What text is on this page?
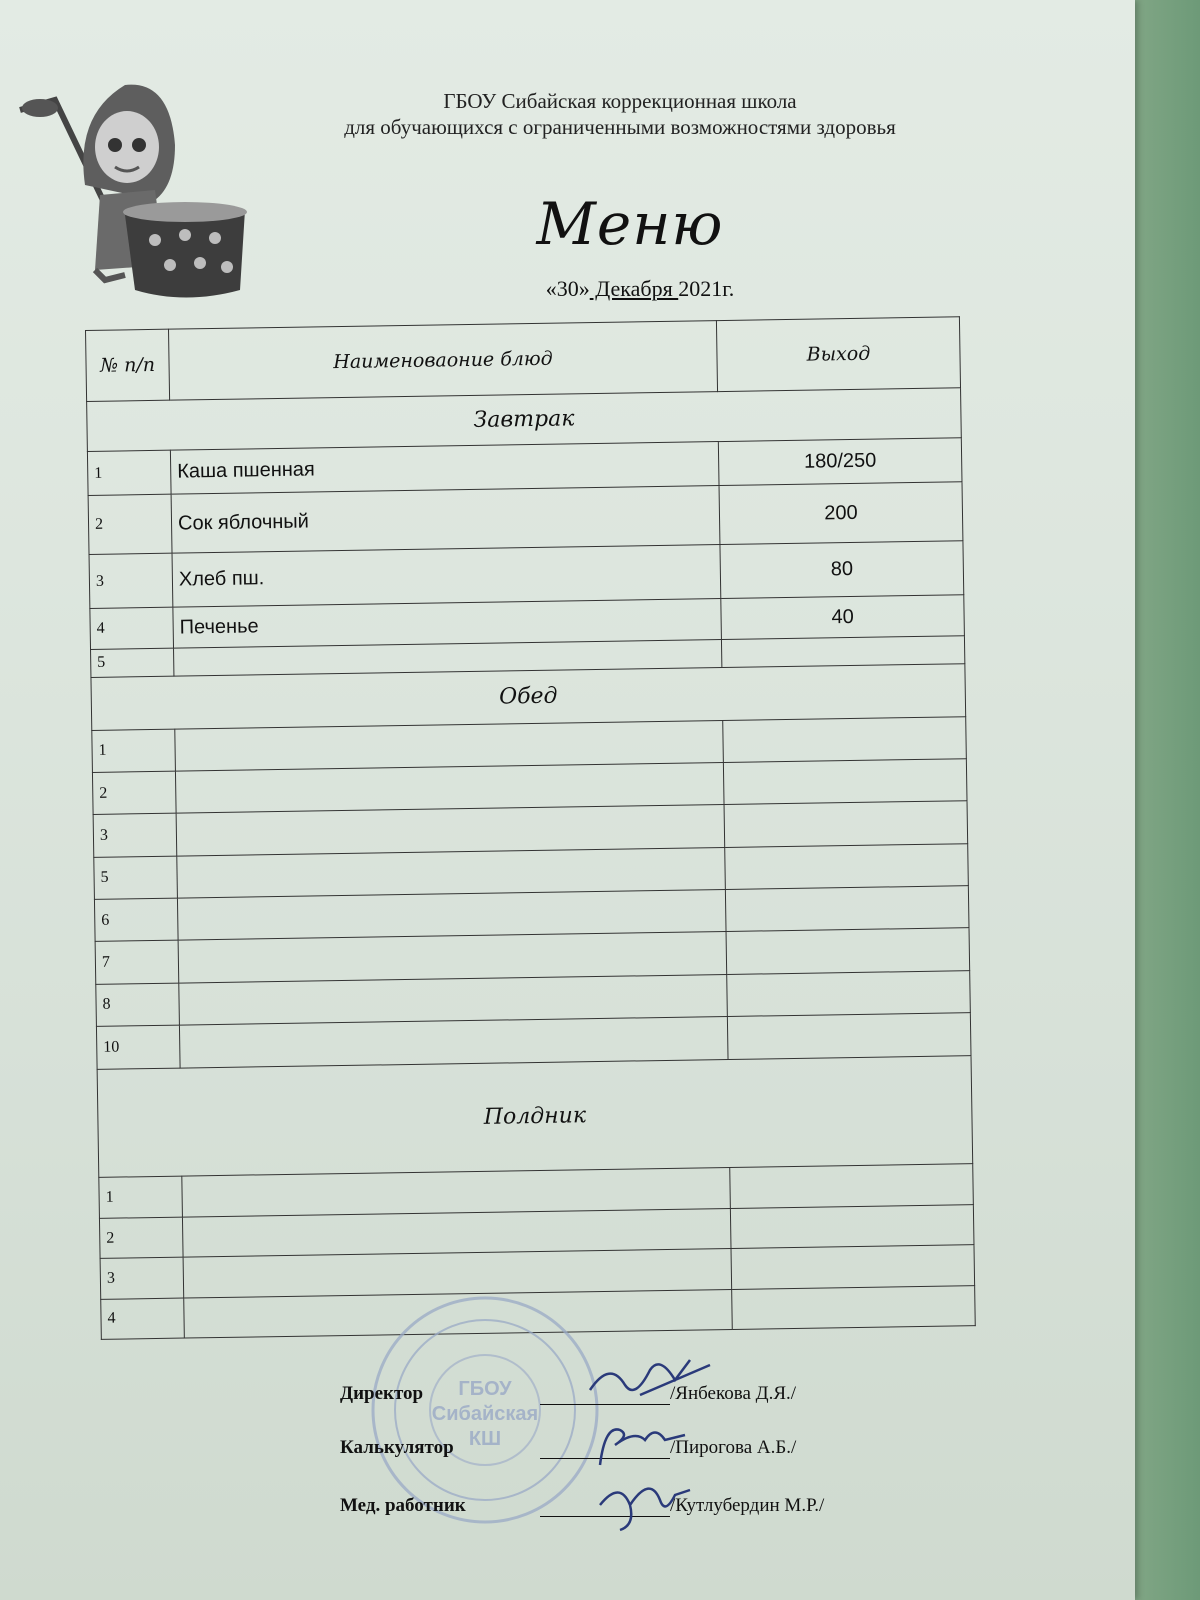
ГБОУ Сибайская коррекционная школа
для обучающихся с ограниченными возможностями здоровья
Меню
«30» Декабря 2021г.
№ п/п	Наименоваоние блюд	Выход
Завтрак		
1	Каша пшенная	180/250
2	Сок яблочный	200
3	Хлеб пш.	80
4	Печенье	40
5		
Обед		
1		
2		
3		
5		
6		
7		
8		
10		
Полдник		
1		
2		
3		
4		
ГБОУ
Сибайская
КШ
Директор	/Янбекова Д.Я./
Калькулятор	/Пирогова А.Б./
Мед. работник	/Кутлубердин М.Р./
